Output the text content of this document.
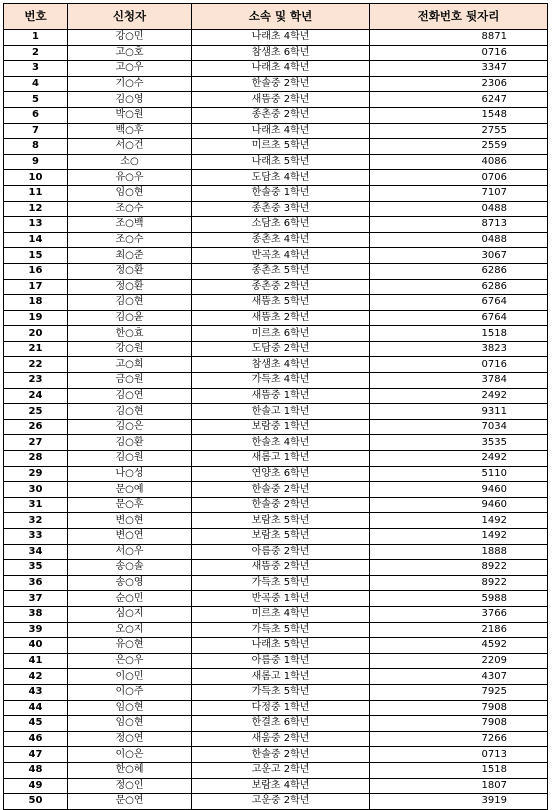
번호	신청자	소속 및 학년	전화번호 뒷자리
1	강○민	나래초 4학년	8871
2	고○호	참샘초 6학년	0716
3	고○우	나래초 4학년	3347
4	기○수	한솔중 2학년	2306
5	김○영	새뜸중 2학년	6247
6	박○원	종촌중 2학년	1548
7	백○후	나래초 4학년	2755
8	서○건	미르초 5학년	2559
9	소○	나래초 5학년	4086
10	유○우	도담초 4학년	0706
11	임○현	한솔중 1학년	7107
12	조○수	종촌중 3학년	0488
13	조○백	소담초 6학년	8713
14	조○수	종촌초 4학년	0488
15	최○준	반곡초 4학년	3067
16	정○환	종촌초 5학년	6286
17	정○환	종촌중 2학년	6286
18	김○현	새뜸초 5학년	6764
19	김○윤	새뜸초 2학년	6764
20	한○효	미르초 6학년	1518
21	강○원	도담중 2학년	3823
22	고○희	참샘초 4학년	0716
23	금○원	가득초 4학년	3784
24	김○연	새뜸중 1학년	2492
25	김○현	한솔고 1학년	9311
26	김○은	보람중 1학년	7034
27	김○환	한솔초 4학년	3535
28	김○원	새롬고 1학년	2492
29	나○성	연양초 6학년	5110
30	문○예	한솔중 2학년	9460
31	문○후	한솔중 2학년	9460
32	변○현	보람초 5학년	1492
33	변○연	보람초 5학년	1492
34	서○우	아름중 2학년	1888
35	송○솔	새뜸중 2학년	8922
36	송○영	가득초 5학년	8922
37	순○민	반곡중 1학년	5988
38	심○지	미르초 4학년	3766
39	오○지	가득초 5학년	2186
40	유○현	나래초 5학년	4592
41	은○우	아름중 1학년	2209
42	이○민	새롬고 1학년	4307
43	이○주	가득초 5학년	7925
44	임○현	다정중 1학년	7908
45	임○현	한결초 6학년	7908
46	정○연	새움중 2학년	7266
47	이○은	한솔중 2학년	0713
48	한○혜	고운고 2학년	1518
49	정○인	보람초 4학년	1807
50	문○연	고운중 2학년	3919
